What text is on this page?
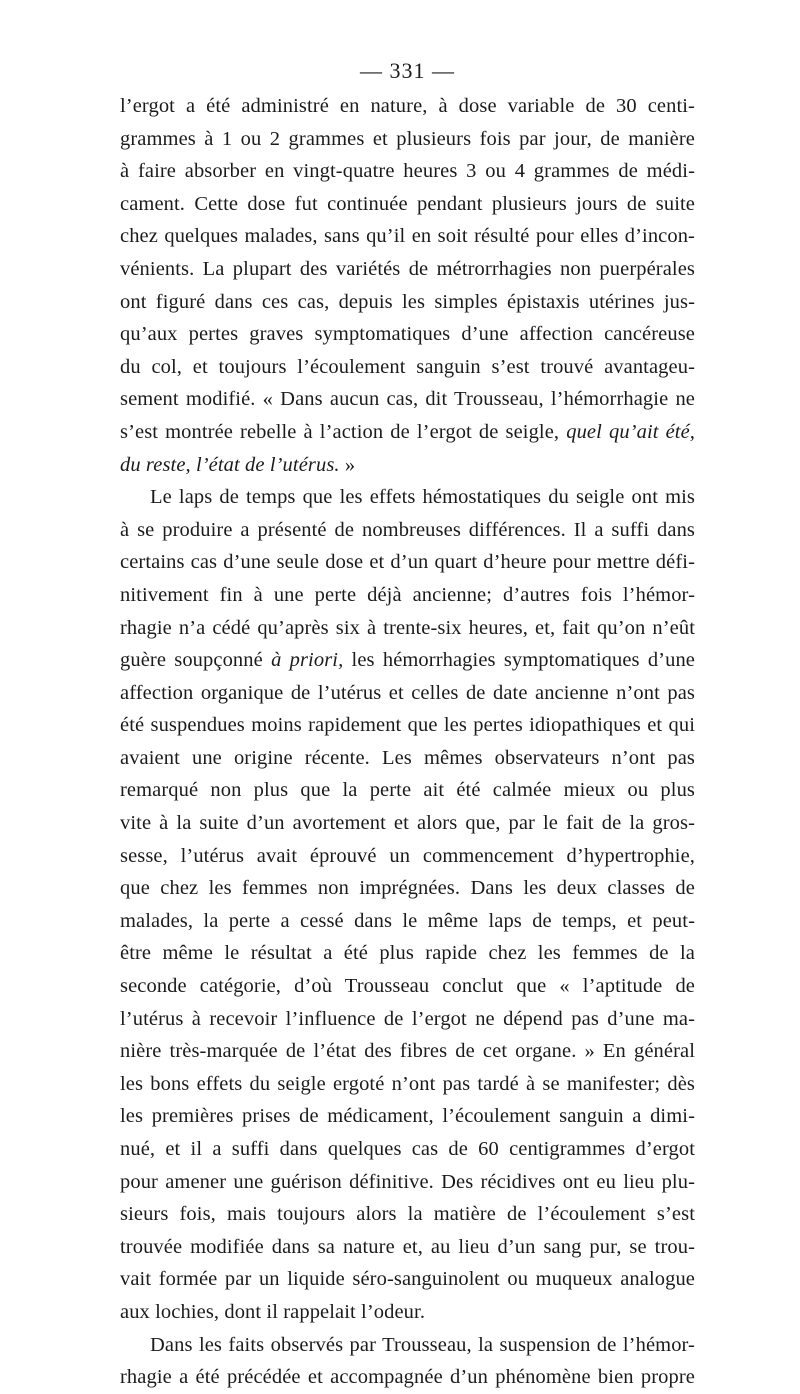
— 331 —
l’ergot a été administré en nature, à dose variable de 30 centi-
grammes à 1 ou 2 grammes et plusieurs fois par jour, de manière
à faire absorber en vingt-quatre heures 3 ou 4 grammes de médi-
cament. Cette dose fut continuée pendant plusieurs jours de suite
chez quelques malades, sans qu’il en soit résulté pour elles d’incon-
vénients. La plupart des variétés de métrorrhagies non puerpérales
ont figuré dans ces cas, depuis les simples épistaxis utérines jus-
qu’aux pertes graves symptomatiques d’une affection cancéreuse
du col, et toujours l’écoulement sanguin s’est trouvé avantageu-
sement modifié. « Dans aucun cas, dit Trousseau, l’hémorrhagie ne
s’est montrée rebelle à l’action de l’ergot de seigle, quel qu’ait été,
du reste, l’état de l’utérus. »
Le laps de temps que les effets hémostatiques du seigle ont mis
à se produire a présenté de nombreuses différences. Il a suffi dans
certains cas d’une seule dose et d’un quart d’heure pour mettre défi-
nitivement fin à une perte déjà ancienne; d’autres fois l’hémor-
rhagie n’a cédé qu’après six à trente-six heures, et, fait qu’on n’eût
guère soupçonné à priori, les hémorrhagies symptomatiques d’une
affection organique de l’utérus et celles de date ancienne n’ont pas
été suspendues moins rapidement que les pertes idiopathiques et qui
avaient une origine récente. Les mêmes observateurs n’ont pas
remarqué non plus que la perte ait été calmée mieux ou plus
vite à la suite d’un avortement et alors que, par le fait de la gros-
sesse, l’utérus avait éprouvé un commencement d’hypertrophie,
que chez les femmes non imprégnées. Dans les deux classes de
malades, la perte a cessé dans le même laps de temps, et peut-
être même le résultat a été plus rapide chez les femmes de la
seconde catégorie, d’où Trousseau conclut que « l’aptitude de
l’utérus à recevoir l’influence de l’ergot ne dépend pas d’une ma-
nière très-marquée de l’état des fibres de cet organe. » En général
les bons effets du seigle ergoté n’ont pas tardé à se manifester; dès
les premières prises de médicament, l’écoulement sanguin a dimi-
nué, et il a suffi dans quelques cas de 60 centigrammes d’ergot
pour amener une guérison définitive. Des récidives ont eu lieu plu-
sieurs fois, mais toujours alors la matière de l’écoulement s’est
trouvée modifiée dans sa nature et, au lieu d’un sang pur, se trou-
vait formée par un liquide séro-sanguinolent ou muqueux analogue
aux lochies, dont il rappelait l’odeur.
Dans les faits observés par Trousseau, la suspension de l’hémor-
rhagie a été précédée et accompagnée d’un phénomène bien propre
